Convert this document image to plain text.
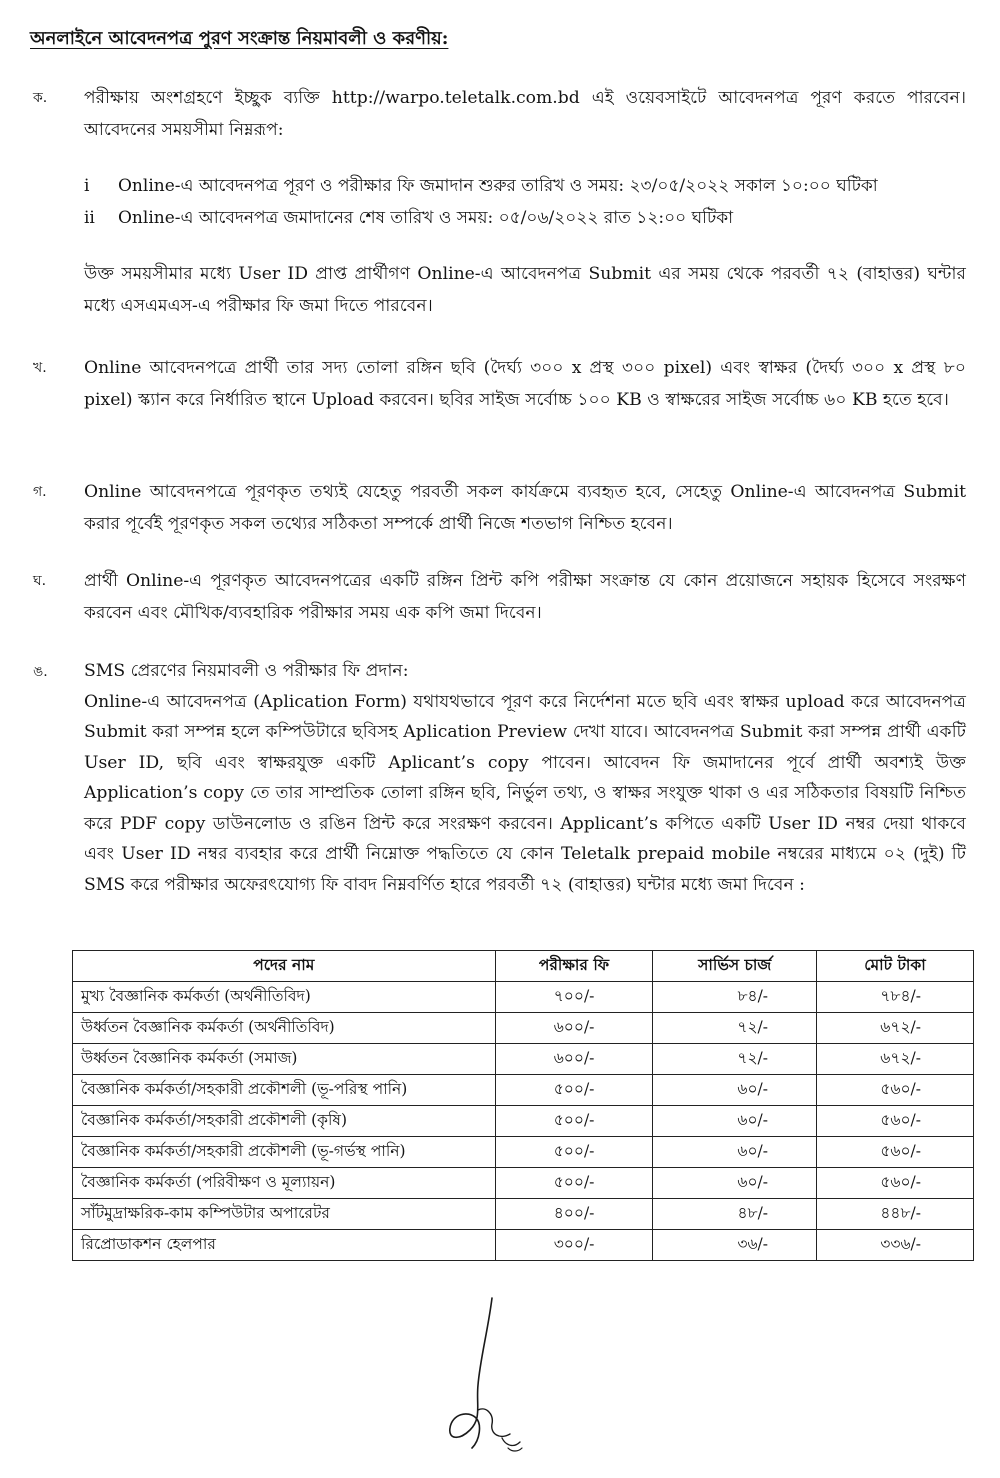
অনলাইনে আবেদনপত্র পুরণ সংক্রান্ত নিয়মাবলী ও করণীয়:
ক. পরীক্ষায় অংশগ্রহণে ইচ্ছুক ব্যক্তি http://warpo.teletalk.com.bd এই ওয়েবসাইটে আবেদনপত্র পূরণ করতে পারবেন। আবেদনের সময়সীমা নিম্নরূপ:
i Online-এ আবেদনপত্র পূরণ ও পরীক্ষার ফি জমাদান শুরুর তারিখ ও সময়: ২৩/০৫/২০২২ সকাল ১০:০০ ঘটিকা
ii Online-এ আবেদনপত্র জমাদানের শেষ তারিখ ও সময়: ০৫/০৬/২০২২ রাত ১২:০০ ঘটিকা
উক্ত সময়সীমার মধ্যে User ID প্রাপ্ত প্রার্থীগণ Online-এ আবেদনপত্র Submit এর সময় থেকে পরবর্তী ৭২ (বাহাত্তর) ঘন্টার মধ্যে এসএমএস-এ পরীক্ষার ফি জমা দিতে পারবেন।
খ. Online আবেদনপত্রে প্রার্থী তার সদ্য তোলা রঙ্গিন ছবি (দৈর্ঘ্য ৩০০ x প্রস্থ ৩০০ pixel) এবং স্বাক্ষর (দৈর্ঘ্য ৩০০ x প্রস্থ ৮০ pixel) স্ক্যান করে নির্ধারিত স্থানে Upload করবেন। ছবির সাইজ সর্বোচ্চ ১০০ KB ও স্বাক্ষরের সাইজ সর্বোচ্চ ৬০ KB হতে হবে।
গ. Online আবেদনপত্রে পূরণকৃত তথ্যই যেহেতু পরবর্তী সকল কার্যক্রমে ব্যবহৃত হবে, সেহেতু Online-এ আবেদনপত্র Submit করার পূর্বেই পূরণকৃত সকল তথ্যের সঠিকতা সম্পর্কে প্রার্থী নিজে শতভাগ নিশ্চিত হবেন।
ঘ. প্রার্থী Online-এ পূরণকৃত আবেদনপত্রের একটি রঙ্গিন প্রিন্ট কপি পরীক্ষা সংক্রান্ত যে কোন প্রয়োজনে সহায়ক হিসেবে সংরক্ষণ করবেন এবং মৌখিক/ব্যবহারিক পরীক্ষার সময় এক কপি জমা দিবেন।
ঙ. SMS প্রেরণের নিয়মাবলী ও পরীক্ষার ফি প্রদান:

Online-এ আবেদনপত্র (Aplication Form) যথাযথভাবে পূরণ করে নির্দেশনা মতে ছবি এবং স্বাক্ষর upload করে আবেদনপত্র Submit করা সম্পন্ন হলে কম্পিউটারে ছবিসহ Aplication Preview দেখা যাবে। আবেদনপত্র Submit করা সম্পন্ন প্রার্থী একটি User ID, ছবি এবং স্বাক্ষরযুক্ত একটি Aplicant’s copy পাবেন। আবেদন ফি জমাদানের পূর্বে প্রার্থী অবশ্যই উক্ত Application’s copy তে তার সাম্প্রতিক তোলা রঙ্গিন ছবি, নির্ভুল তথ্য, ও স্বাক্ষর সংযুক্ত থাকা ও এর সঠিকতার বিষয়টি নিশ্চিত করে PDF copy ডাউনলোড ও রঙিন প্রিন্ট করে সংরক্ষণ করবেন। Applicant’s কপিতে একটি User ID নম্বর দেয়া থাকবে এবং User ID নম্বর ব্যবহার করে প্রার্থী নিম্নোক্ত পদ্ধতিতে যে কোন Teletalk prepaid mobile নম্বরের মাধ্যমে ০২ (দুই) টি SMS করে পরীক্ষার অফেরৎযোগ্য ফি বাবদ নিম্নবর্ণিত হারে পরবর্তী ৭২ (বাহাত্তর) ঘন্টার মধ্যে জমা দিবেন :

পদের নাম	পরীক্ষার ফি	সার্ভিস চার্জ	মোট টাকা
মুখ্য বৈজ্ঞানিক কর্মকর্তা (অর্থনীতিবিদ)	৭০০/-	৮৪/-	৭৮৪/-
উর্ধ্বতন বৈজ্ঞানিক কর্মকর্তা (অর্থনীতিবিদ)	৬০০/-	৭২/-	৬৭২/-
উর্ধ্বতন বৈজ্ঞানিক কর্মকর্তা (সমাজ)	৬০০/-	৭২/-	৬৭২/-
বৈজ্ঞানিক কর্মকর্তা/সহকারী প্রকৌশলী (ভূ-পরিস্থ পানি)	৫০০/-	৬০/-	৫৬০/-
বৈজ্ঞানিক কর্মকর্তা/সহকারী প্রকৌশলী (কৃষি)	৫০০/-	৬০/-	৫৬০/-
বৈজ্ঞানিক কর্মকর্তা/সহকারী প্রকৌশলী (ভূ-গর্ভস্থ পানি)	৫০০/-	৬০/-	৫৬০/-
বৈজ্ঞানিক কর্মকর্তা (পরিবীক্ষণ ও মূল্যায়ন)	৫০০/-	৬০/-	৫৬০/-
সাঁটমুদ্রাক্ষরিক-কাম কম্পিউটার অপারেটর	৪০০/-	৪৮/-	৪৪৮/-
রিপ্রোডাকশন হেলপার	৩০০/-	৩৬/-	৩৩৬/-
